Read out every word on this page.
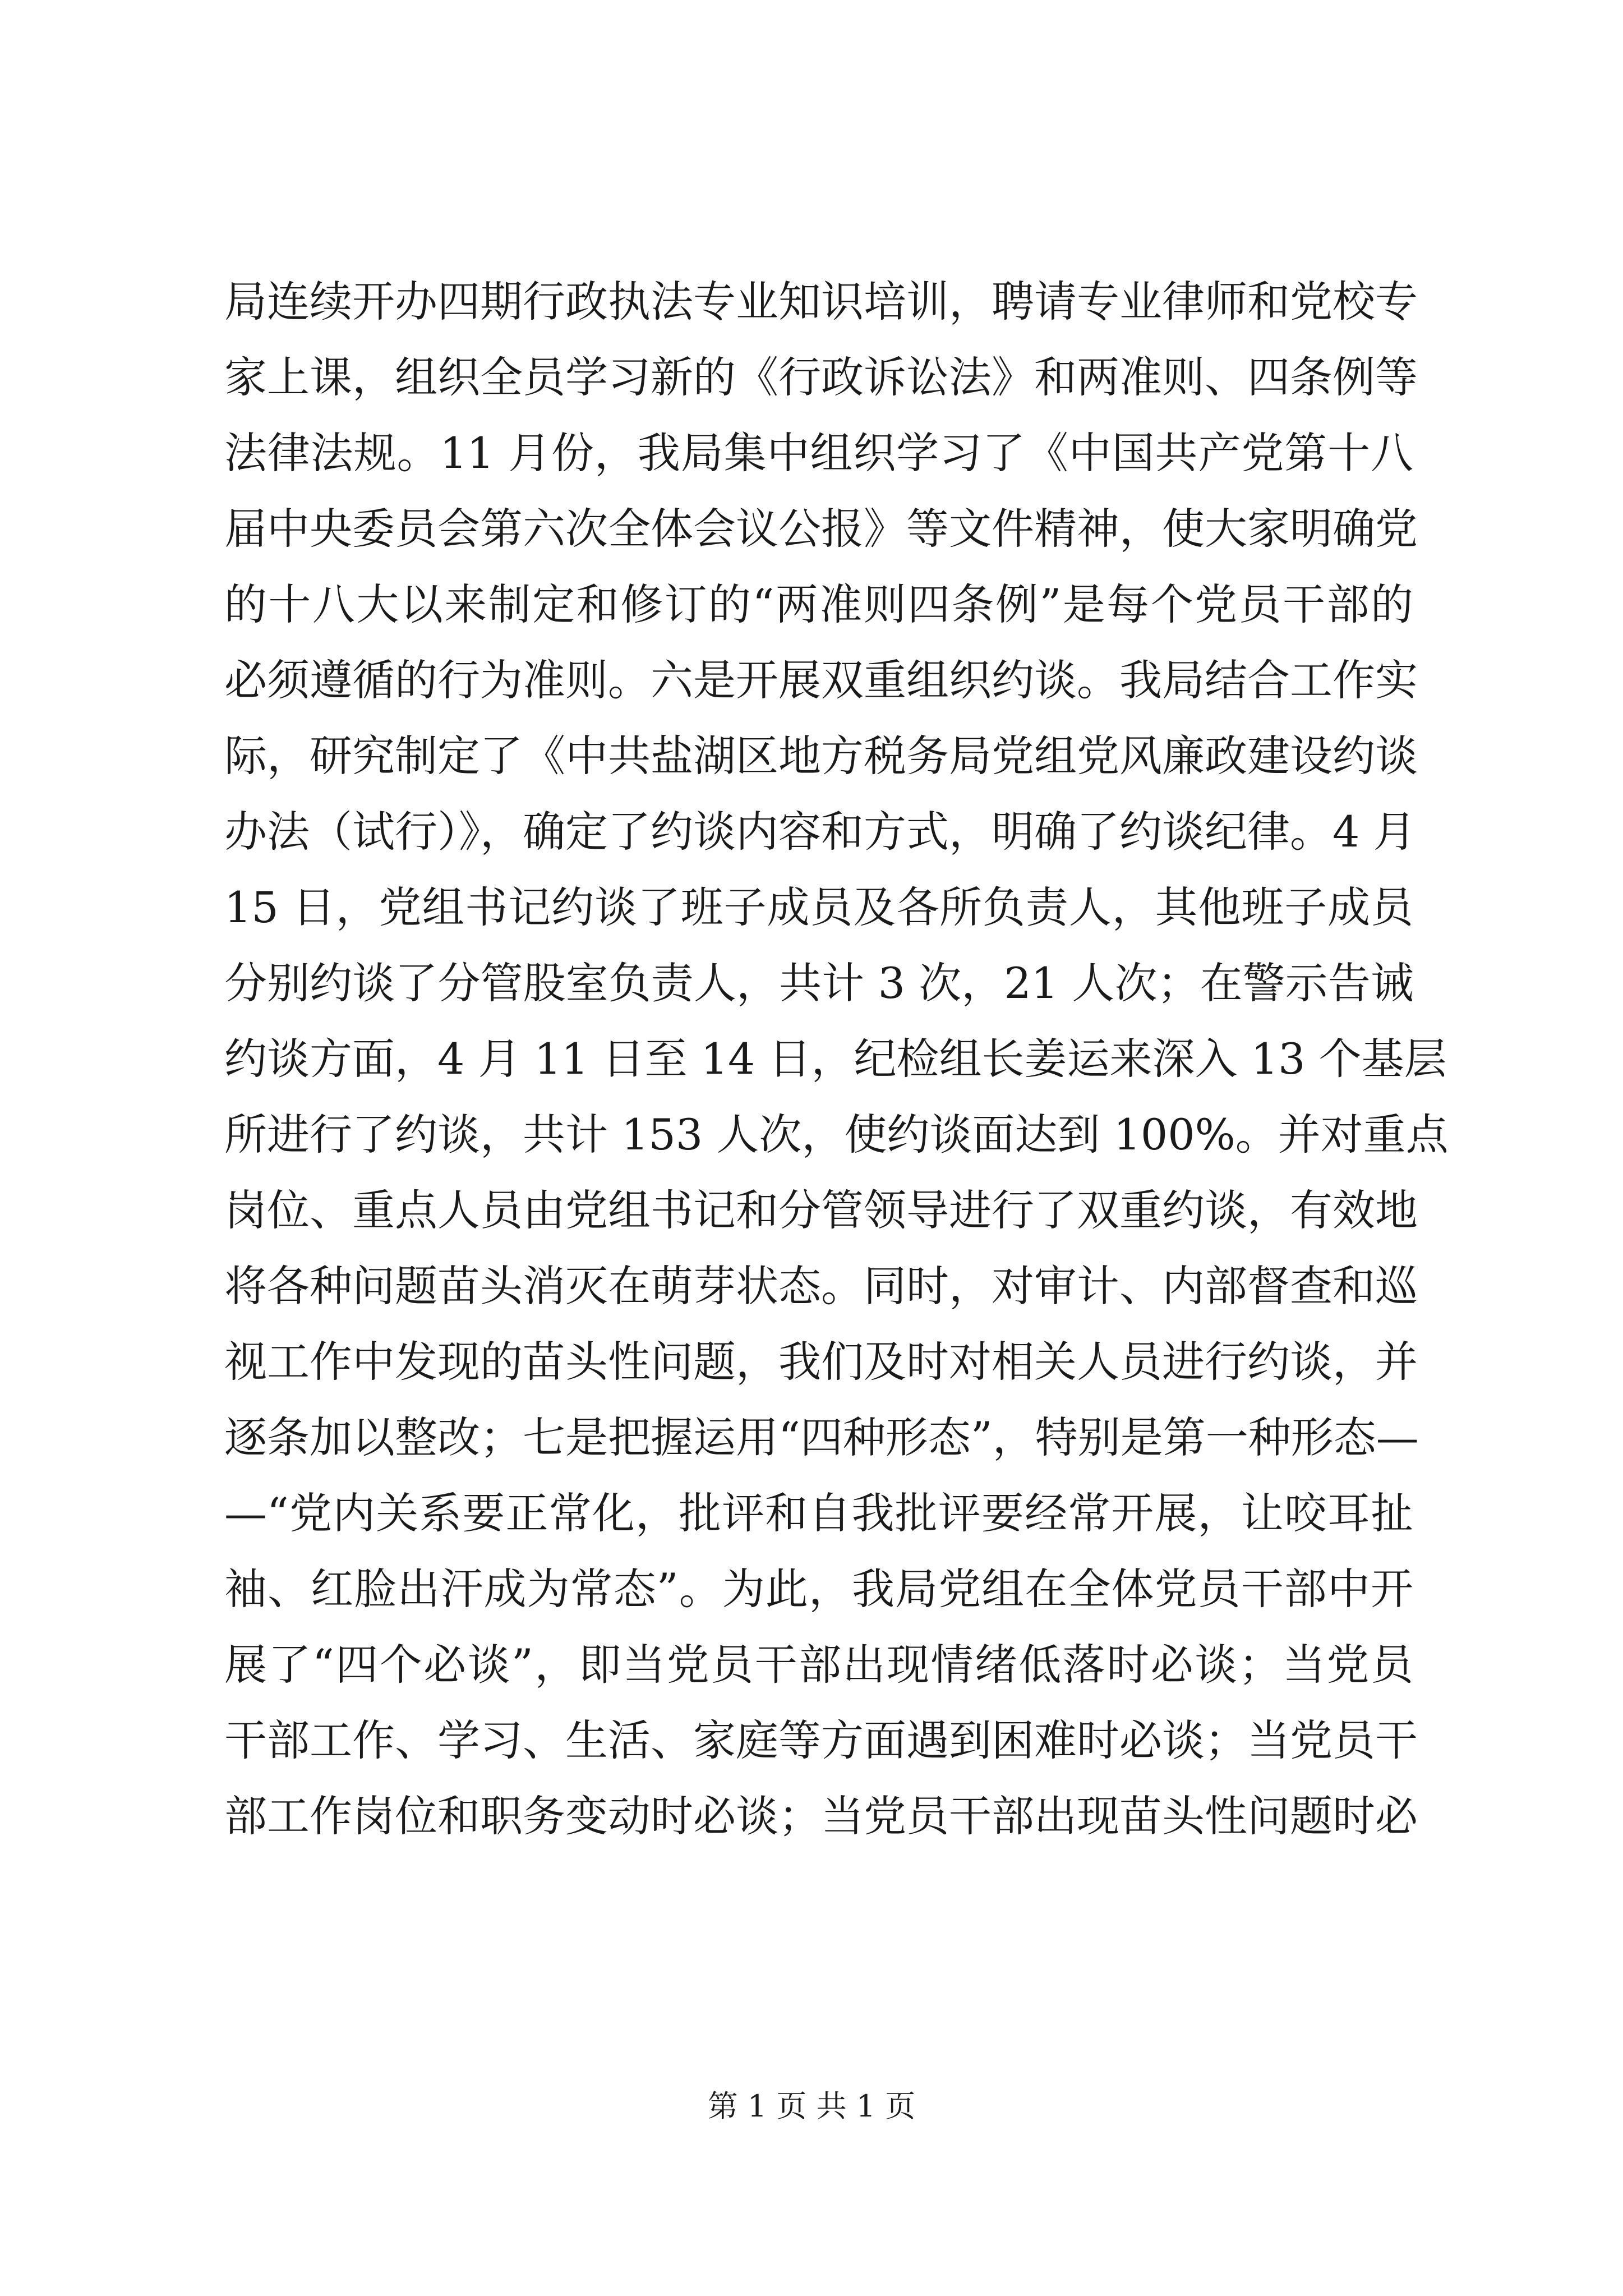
局连续开办四期行政执法专业知识培训，聘请专业律师和党校专
家上课，组织全员学习新的《行政诉讼法》和两准则、四条例等
法律法规。11 月份，我局集中组织学习了《中国共产党第十八
届中央委员会第六次全体会议公报》等文件精神，使大家明确党
的十八大以来制定和修订的“两准则四条例”是每个党员干部的
必须遵循的行为准则。六是开展双重组织约谈。我局结合工作实
际，研究制定了《中共盐湖区地方税务局党组党风廉政建设约谈
办法（试行）》，确定了约谈内容和方式，明确了约谈纪律。4 月
15 日，党组书记约谈了班子成员及各所负责人，其他班子成员
分别约谈了分管股室负责人，共计 3 次，21 人次；在警示告诫
约谈方面，4 月 11 日至 14 日，纪检组长姜运来深入 13 个基层
所进行了约谈，共计 153 人次，使约谈面达到 100%。并对重点
岗位、重点人员由党组书记和分管领导进行了双重约谈，有效地
将各种问题苗头消灭在萌芽状态。同时，对审计、内部督查和巡
视工作中发现的苗头性问题，我们及时对相关人员进行约谈，并
逐条加以整改；七是把握运用“四种形态”，特别是第一种形态—
—“党内关系要正常化，批评和自我批评要经常开展，让咬耳扯
袖、红脸出汗成为常态”。为此，我局党组在全体党员干部中开
展了“四个必谈”，即当党员干部出现情绪低落时必谈；当党员
干部工作、学习、生活、家庭等方面遇到困难时必谈；当党员干
部工作岗位和职务变动时必谈；当党员干部出现苗头性问题时必
第 1 页 共 1 页
